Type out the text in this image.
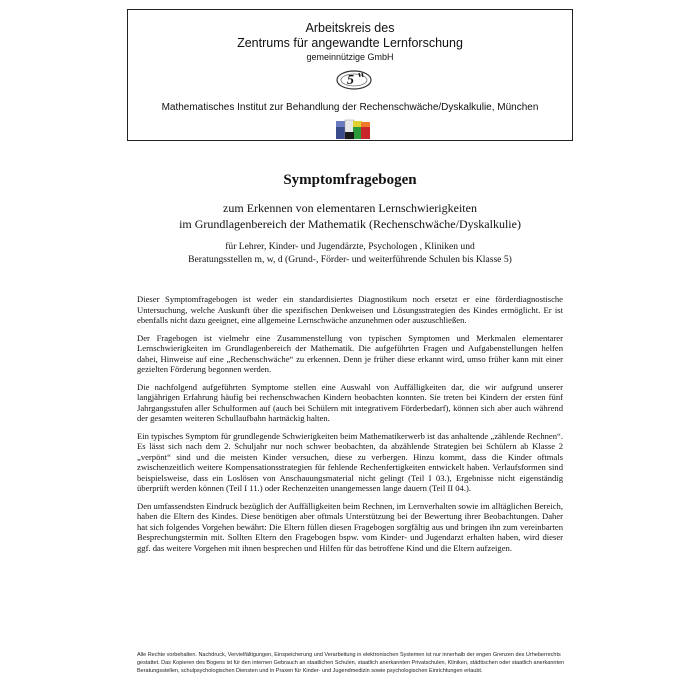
Arbeitskreis des
Zentrums für angewandte Lernforschung
gemeinnützige GmbH
5
Mathematisches Institut zur Behandlung der Rechenschwäche/Dyskalkulie, München
Symptomfragebogen
zum Erkennen von elementaren Lernschwierigkeiten
im Grundlagenbereich der Mathematik (Rechenschwäche/Dyskalkulie)
für Lehrer, Kinder- und Jugendärzte, Psychologen , Kliniken und
Beratungsstellen m, w, d (Grund-, Förder- und weiterführende Schulen bis Klasse 5)

Dieser Symptomfragebogen ist weder ein standardisiertes Diagnostikum noch ersetzt er eine förderdiagnostische Untersuchung, welche Auskunft über die spezifischen Denkweisen und Lösungsstrategien des Kindes ermöglicht. Er ist ebenfalls nicht dazu geeignet, eine allgemeine Lernschwäche anzunehmen oder auszuschließen.

Der Fragebogen ist vielmehr eine Zusammenstellung von typischen Symptomen und Merkmalen elementarer Lernschwierigkeiten im Grundlagenbereich der Mathematik. Die aufgeführten Fragen und Aufgabenstellungen helfen dabei, Hinweise auf eine „Rechenschwäche“ zu erkennen. Denn je früher diese erkannt wird, umso früher kann mit einer gezielten Förderung begonnen werden.

Die nachfolgend aufgeführten Symptome stellen eine Auswahl von Auffälligkeiten dar, die wir aufgrund unserer langjährigen Erfahrung häufig bei rechenschwachen Kindern beobachten konnten. Sie treten bei Kindern der ersten fünf Jahrgangsstufen aller Schulformen auf (auch bei Schülern mit integrativem Förderbedarf), können sich aber auch während der gesamten weiteren Schullaufbahn hartnäckig halten.

Ein typisches Symptom für grundlegende Schwierigkeiten beim Mathematikerwerb ist das anhaltende „zählende Rechnen“. Es lässt sich nach dem 2. Schuljahr nur noch schwer beobachten, da abzählende Strategien bei Schülern ab Klasse 2 „verpönt“ sind und die meisten Kinder versuchen, diese zu verbergen. Hinzu kommt, dass die Kinder oftmals zwischenzeitlich weitere Kompensationsstrategien für fehlende Rechenfertigkeiten entwickelt haben. Verlaufsformen sind beispielsweise, dass ein Loslösen von Anschauungsmaterial nicht gelingt (Teil I 03.), Ergebnisse nicht eigenständig überprüft werden können (Teil I 11.) oder Rechenzeiten unangemessen lange dauern (Teil II 04.).

Den umfassendsten Eindruck bezüglich der Auffälligkeiten beim Rechnen, im Lernverhalten sowie im alltäglichen Bereich, haben die Eltern des Kindes. Diese benötigen aber oftmals Unterstützung bei der Bewertung ihrer Beobachtungen. Daher hat sich folgendes Vorgehen bewährt: Die Eltern füllen diesen Fragebogen sorgfältig aus und bringen ihn zum vereinbarten Besprechungstermin mit. Sollten Eltern den Fragebogen bspw. vom Kinder- und Jugendarzt erhalten haben, wird dieser ggf. das weitere Vorgehen mit ihnen besprechen und Hilfen für das betroffene Kind und die Eltern aufzeigen.

Alle Rechte vorbehalten. Nachdruck, Vervielfältigungen, Einspeicherung und Verarbeitung in elektronischen Systemen ist nur innerhalb der engen Grenzen des Urheberrechts gestattet. Das Kopieren des Bogens ist für den internen Gebrauch an staatlichen Schulen, staatlich anerkannten Privatschulen, Kliniken, städtischen oder staatlich anerkannten Beratungsstellen, schulpsychologischen Diensten und in Praxen für Kinder- und Jugendmedizin sowie psychologischen Einrichtungen erlaubt.
